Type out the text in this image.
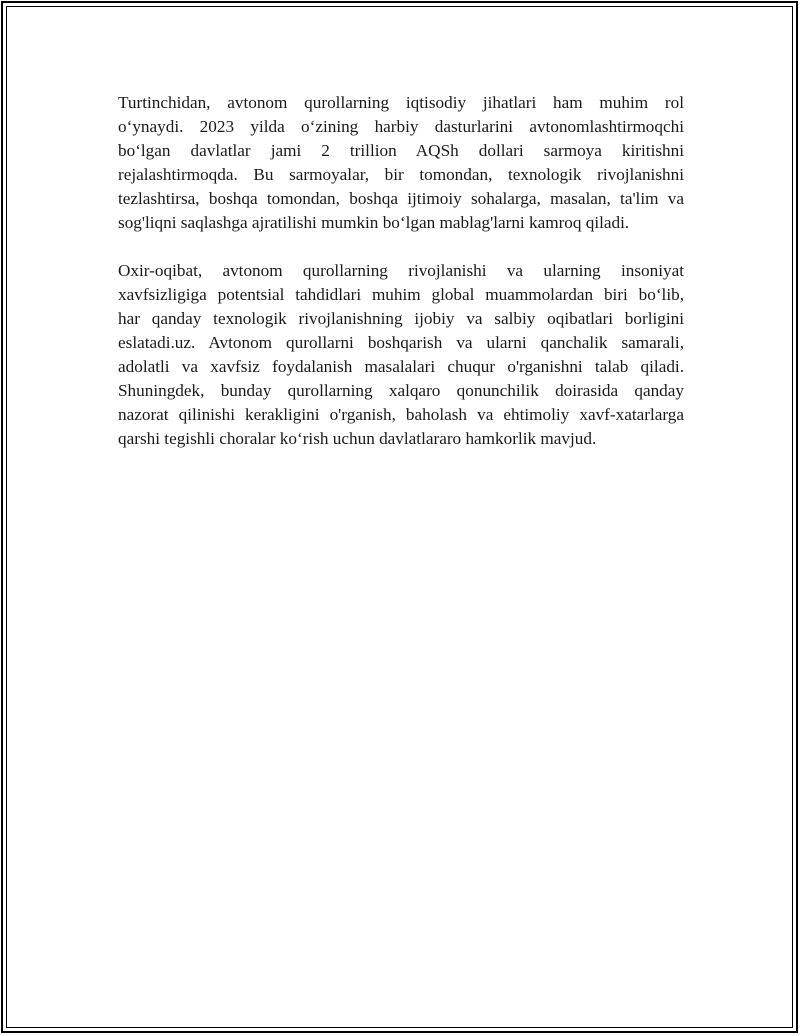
Turtinchidan, avtonom qurollarning iqtisodiy jihatlari ham muhim rol
o‘ynaydi. 2023 yilda o‘zining harbiy dasturlarini avtonomlashtirmoqchi
bo‘lgan davlatlar jami 2 trillion AQSh dollari sarmoya kiritishni
rejalashtirmoqda. Bu sarmoyalar, bir tomondan, texnologik rivojlanishni
tezlashtirsa, boshqa tomondan, boshqa ijtimoiy sohalarga, masalan, ta'lim va
sog'liqni saqlashga ajratilishi mumkin bo‘lgan mablag'larni kamroq qiladi.

Oxir-oqibat, avtonom qurollarning rivojlanishi va ularning insoniyat
xavfsizligiga potentsial tahdidlari muhim global muammolardan biri bo‘lib,
har qanday texnologik rivojlanishning ijobiy va salbiy oqibatlari borligini
eslatadi.uz. Avtonom qurollarni boshqarish va ularni qanchalik samarali,
adolatli va xavfsiz foydalanish masalalari chuqur o'rganishni talab qiladi.
Shuningdek, bunday qurollarning xalqaro qonunchilik doirasida qanday
nazorat qilinishi kerakligini o'rganish, baholash va ehtimoliy xavf-xatarlarga
qarshi tegishli choralar ko‘rish uchun davlatlararo hamkorlik mavjud.
